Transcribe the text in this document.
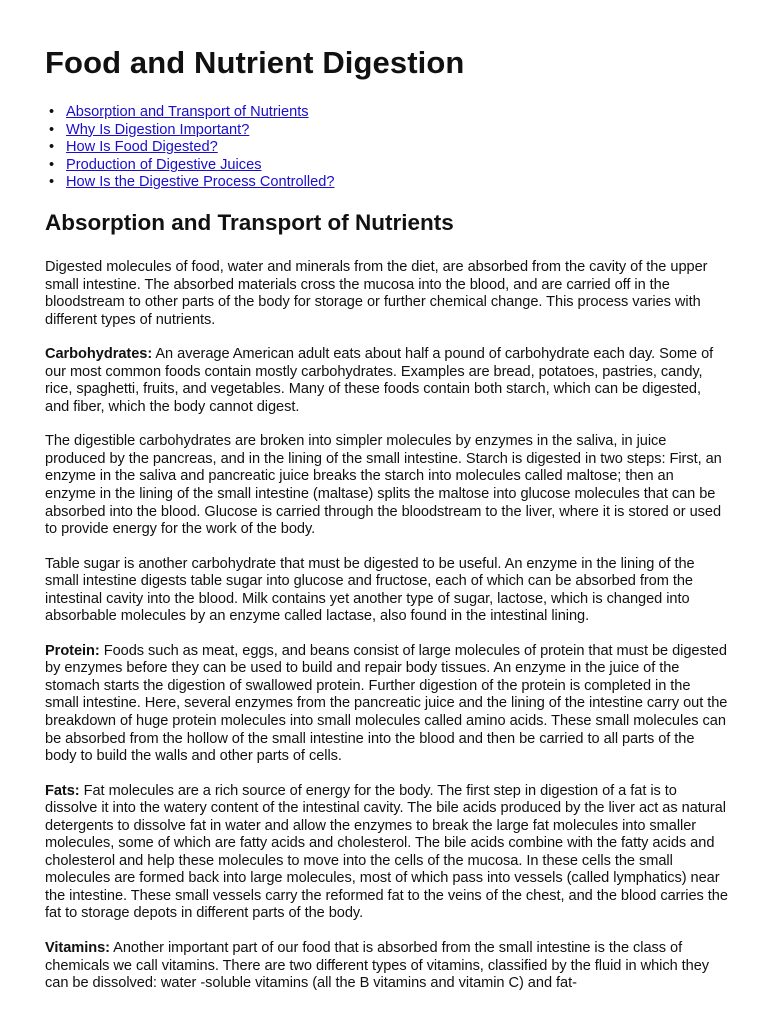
Food and Nutrient Digestion
• Absorption and Transport of Nutrients
• Why Is Digestion Important?
• How Is Food Digested?
• Production of Digestive Juices
• How Is the Digestive Process Controlled?
Absorption and Transport of Nutrients

Digested molecules of food, water and minerals from the diet, are absorbed from the cavity of the upper small intestine. The absorbed materials cross the mucosa into the blood, and are carried off in the bloodstream to other parts of the body for storage or further chemical change. This process varies with different types of nutrients.

Carbohydrates: An average American adult eats about half a pound of carbohydrate each day. Some of our most common foods contain mostly carbohydrates. Examples are bread, potatoes, pastries, candy, rice, spaghetti, fruits, and vegetables. Many of these foods contain both starch, which can be digested, and fiber, which the body cannot digest.

The digestible carbohydrates are broken into simpler molecules by enzymes in the saliva, in juice produced by the pancreas, and in the lining of the small intestine. Starch is digested in two steps: First, an enzyme in the saliva and pancreatic juice breaks the starch into molecules called maltose; then an enzyme in the lining of the small intestine (maltase) splits the maltose into glucose molecules that can be absorbed into the blood. Glucose is carried through the bloodstream to the liver, where it is stored or used to provide energy for the work of the body.

Table sugar is another carbohydrate that must be digested to be useful. An enzyme in the lining of the small intestine digests table sugar into glucose and fructose, each of which can be absorbed from the intestinal cavity into the blood. Milk contains yet another type of sugar, lactose, which is changed into absorbable molecules by an enzyme called lactase, also found in the intestinal lining.

Protein: Foods such as meat, eggs, and beans consist of large molecules of protein that must be digested by enzymes before they can be used to build and repair body tissues. An enzyme in the juice of the stomach starts the digestion of swallowed protein. Further digestion of the protein is completed in the small intestine. Here, several enzymes from the pancreatic juice and the lining of the intestine carry out the breakdown of huge protein molecules into small molecules called amino acids. These small molecules can be absorbed from the hollow of the small intestine into the blood and then be carried to all parts of the body to build the walls and other parts of cells.

Fats: Fat molecules are a rich source of energy for the body. The first step in digestion of a fat is to dissolve it into the watery content of the intestinal cavity. The bile acids produced by the liver act as natural detergents to dissolve fat in water and allow the enzymes to break the large fat molecules into smaller molecules, some of which are fatty acids and cholesterol. The bile acids combine with the fatty acids and cholesterol and help these molecules to move into the cells of the mucosa. In these cells the small molecules are formed back into large molecules, most of which pass into vessels (called lymphatics) near the intestine. These small vessels carry the reformed fat to the veins of the chest, and the blood carries the fat to storage depots in different parts of the body.

Vitamins: Another important part of our food that is absorbed from the small intestine is the class of chemicals we call vitamins. There are two different types of vitamins, classified by the fluid in which they can be dissolved: water -soluble vitamins (all the B vitamins and vitamin C) and fat-
